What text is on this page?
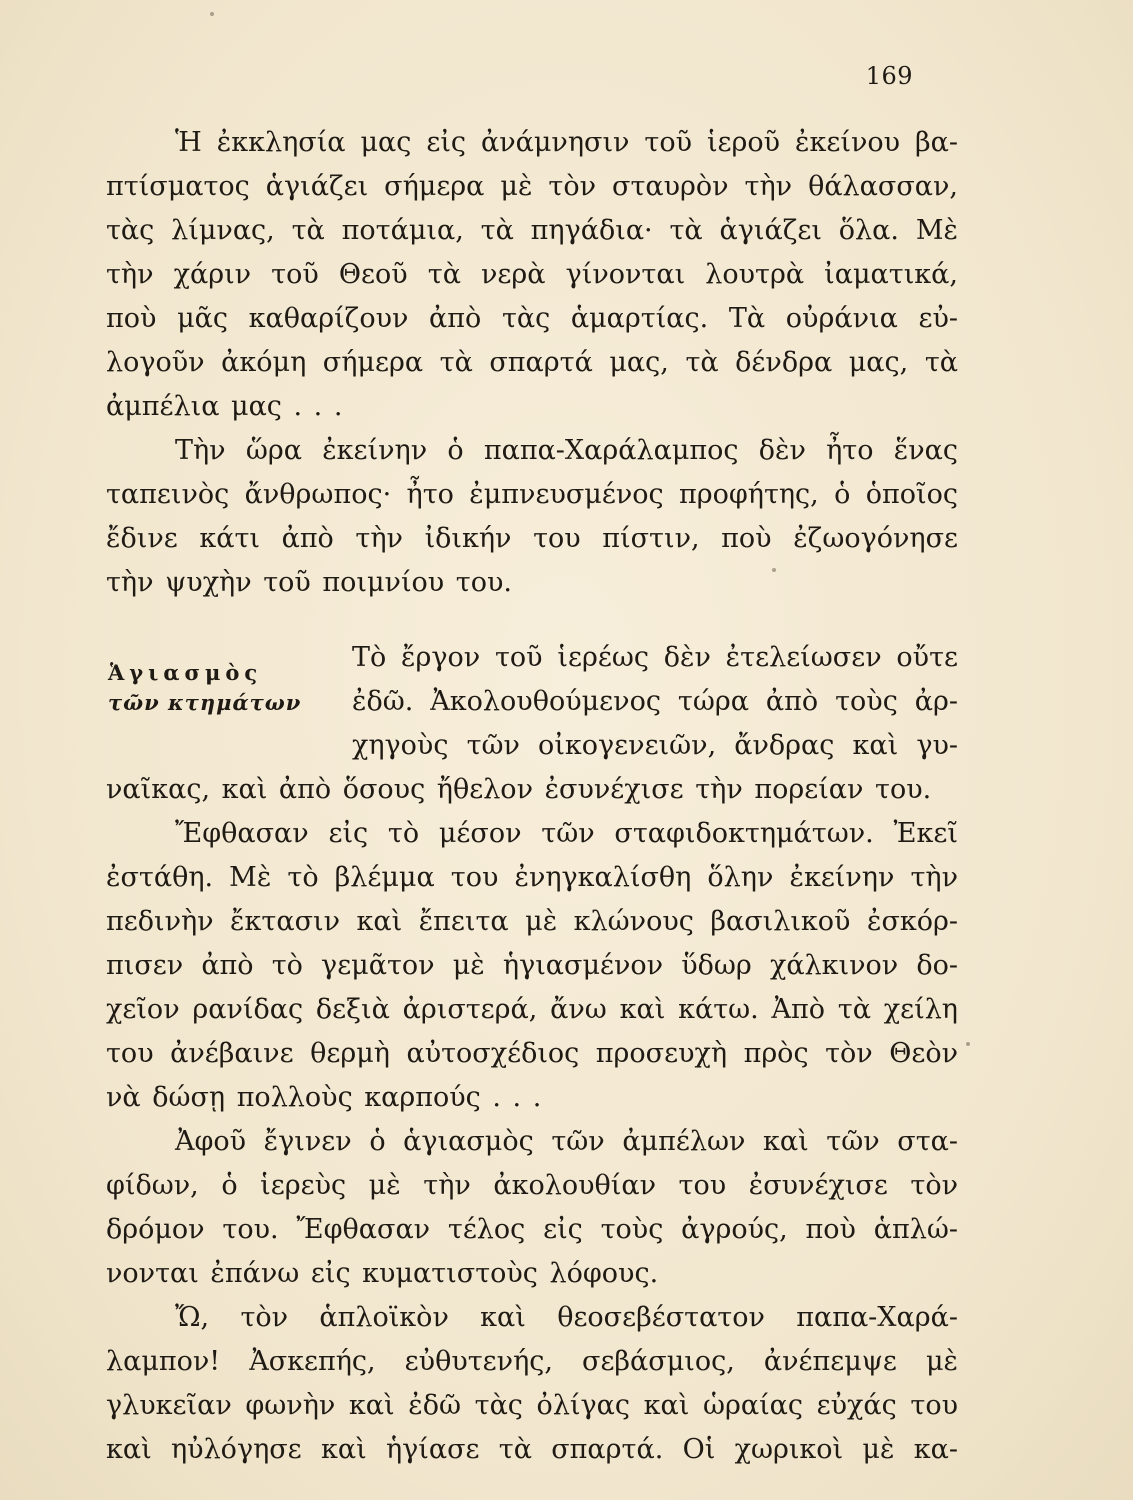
169
Ἁγιασμὸς
τῶν κτημάτων
Ἡ ἐκκλησία μας εἰς ἀνάμνησιν τοῦ ἱεροῦ ἐκείνου βα-
πτίσματος ἁγιάζει σήμερα μὲ τὸν σταυρὸν τὴν θάλασσαν,
τὰς λίμνας, τὰ ποτάμια, τὰ πηγάδια· τὰ ἁγιάζει ὅλα. Μὲ
τὴν χάριν τοῦ Θεοῦ τὰ νερὰ γίνονται λουτρὰ ἰαματικά,
ποὺ μᾶς καθαρίζουν ἀπὸ τὰς ἁμαρτίας. Τὰ οὐράνια εὐ-
λογοῦν ἀκόμη σήμερα τὰ σπαρτά μας, τὰ δένδρα μας, τὰ
ἀμπέλια μας . . .
Τὴν ὥρα ἐκείνην ὁ παπα-Χαράλαμπος δὲν ἦτο ἕνας
ταπεινὸς ἄνθρωπος· ἦτο ἐμπνευσμένος προφήτης, ὁ ὁποῖος
ἔδινε κάτι ἀπὸ τὴν ἰδικήν του πίστιν, ποὺ ἐζωογόνησε
τὴν ψυχὴν τοῦ ποιμνίου του.
Τὸ ἔργον τοῦ ἱερέως δὲν ἐτελείωσεν οὔτε
ἐδῶ. Ἀκολουθούμενος τώρα ἀπὸ τοὺς ἀρ-
χηγοὺς τῶν οἰκογενειῶν, ἄνδρας καὶ γυ-
ναῖκας, καὶ ἀπὸ ὅσους ἤθελον ἐσυνέχισε τὴν πορείαν του.
Ἔφθασαν εἰς τὸ μέσον τῶν σταφιδοκτημάτων. Ἐκεῖ
ἐστάθη. Μὲ τὸ βλέμμα του ἐνηγκαλίσθη ὅλην ἐκείνην τὴν
πεδινὴν ἔκτασιν καὶ ἔπειτα μὲ κλώνους βασιλικοῦ ἐσκόρ-
πισεν ἀπὸ τὸ γεμᾶτον μὲ ἡγιασμένον ὕδωρ χάλκινον δο-
χεῖον ρανίδας δεξιὰ ἀριστερά, ἄνω καὶ κάτω. Ἀπὸ τὰ χείλη
του ἀνέβαινε θερμὴ αὐτοσχέδιος προσευχὴ πρὸς τὸν Θεὸν
νὰ δώσῃ πολλοὺς καρπούς . . .
Ἀφοῦ ἔγινεν ὁ ἁγιασμὸς τῶν ἀμπέλων καὶ τῶν στα-
φίδων, ὁ ἱερεὺς μὲ τὴν ἀκολουθίαν του ἐσυνέχισε τὸν
δρόμον του. Ἔφθασαν τέλος εἰς τοὺς ἀγρούς, ποὺ ἁπλώ-
νονται ἐπάνω εἰς κυματιστοὺς λόφους.
Ὤ, τὸν ἁπλοϊκὸν καὶ θεοσεβέστατον παπα-Χαρά-
λαμπον! Ἀσκεπής, εὐθυτενής, σεβάσμιος, ἀνέπεμψε μὲ
γλυκεῖαν φωνὴν καὶ ἐδῶ τὰς ὀλίγας καὶ ὡραίας εὐχάς του
καὶ ηὐλόγησε καὶ ἡγίασε τὰ σπαρτά. Οἱ χωρικοὶ μὲ κα-
